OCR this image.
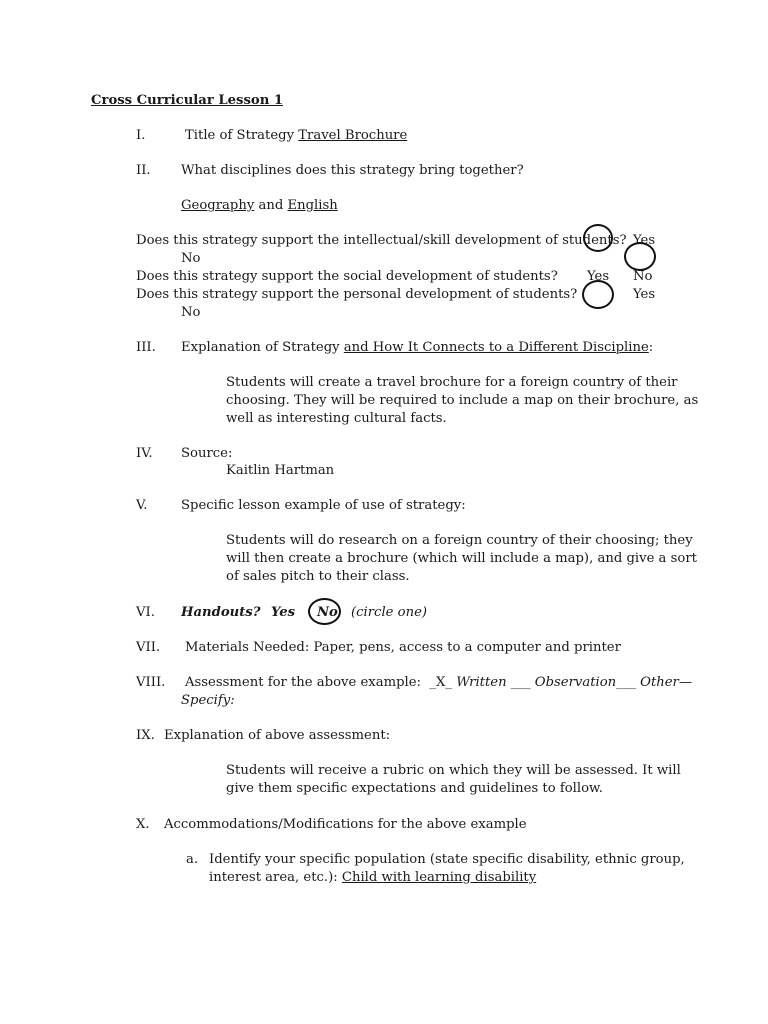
Cross Curricular Lesson 1
I.	Title of Strategy Travel Brochure
II. What disciplines does this strategy bring together?
Geography and English
Does this strategy support the intellectual/skill development of students? Yes
No
Does this strategy support the social development of students? Yes No
Does this strategy support the personal development of students?	Yes
No
III. Explanation of Strategy and How It Connects to a Different Discipline:
Students will create a travel brochure for a foreign country of their
choosing. They will be required to include a map on their brochure, as
well as interesting cultural facts.
IV. Source:
Kaitlin Hartman
V.	Specific lesson example of use of strategy:
Students will do research on a foreign country of their choosing; they
will then create a brochure (which will include a map), and give a sort
of sales pitch to their class.
VI. Handouts? Yes No (circle one)
VII. Materials Needed: Paper, pens, access to a computer and printer
VIII. Assessment for the above example: _X_ Written ___ Observation___ Other—
Specify:
IX. Explanation of above assessment:
Students will receive a rubric on which they will be assessed. It will
give them specific expectations and guidelines to follow.
X. Accommodations/Modifications for the above example
a. Identify your specific population (state specific disability, ethnic group,
interest area, etc.): Child with learning disability
